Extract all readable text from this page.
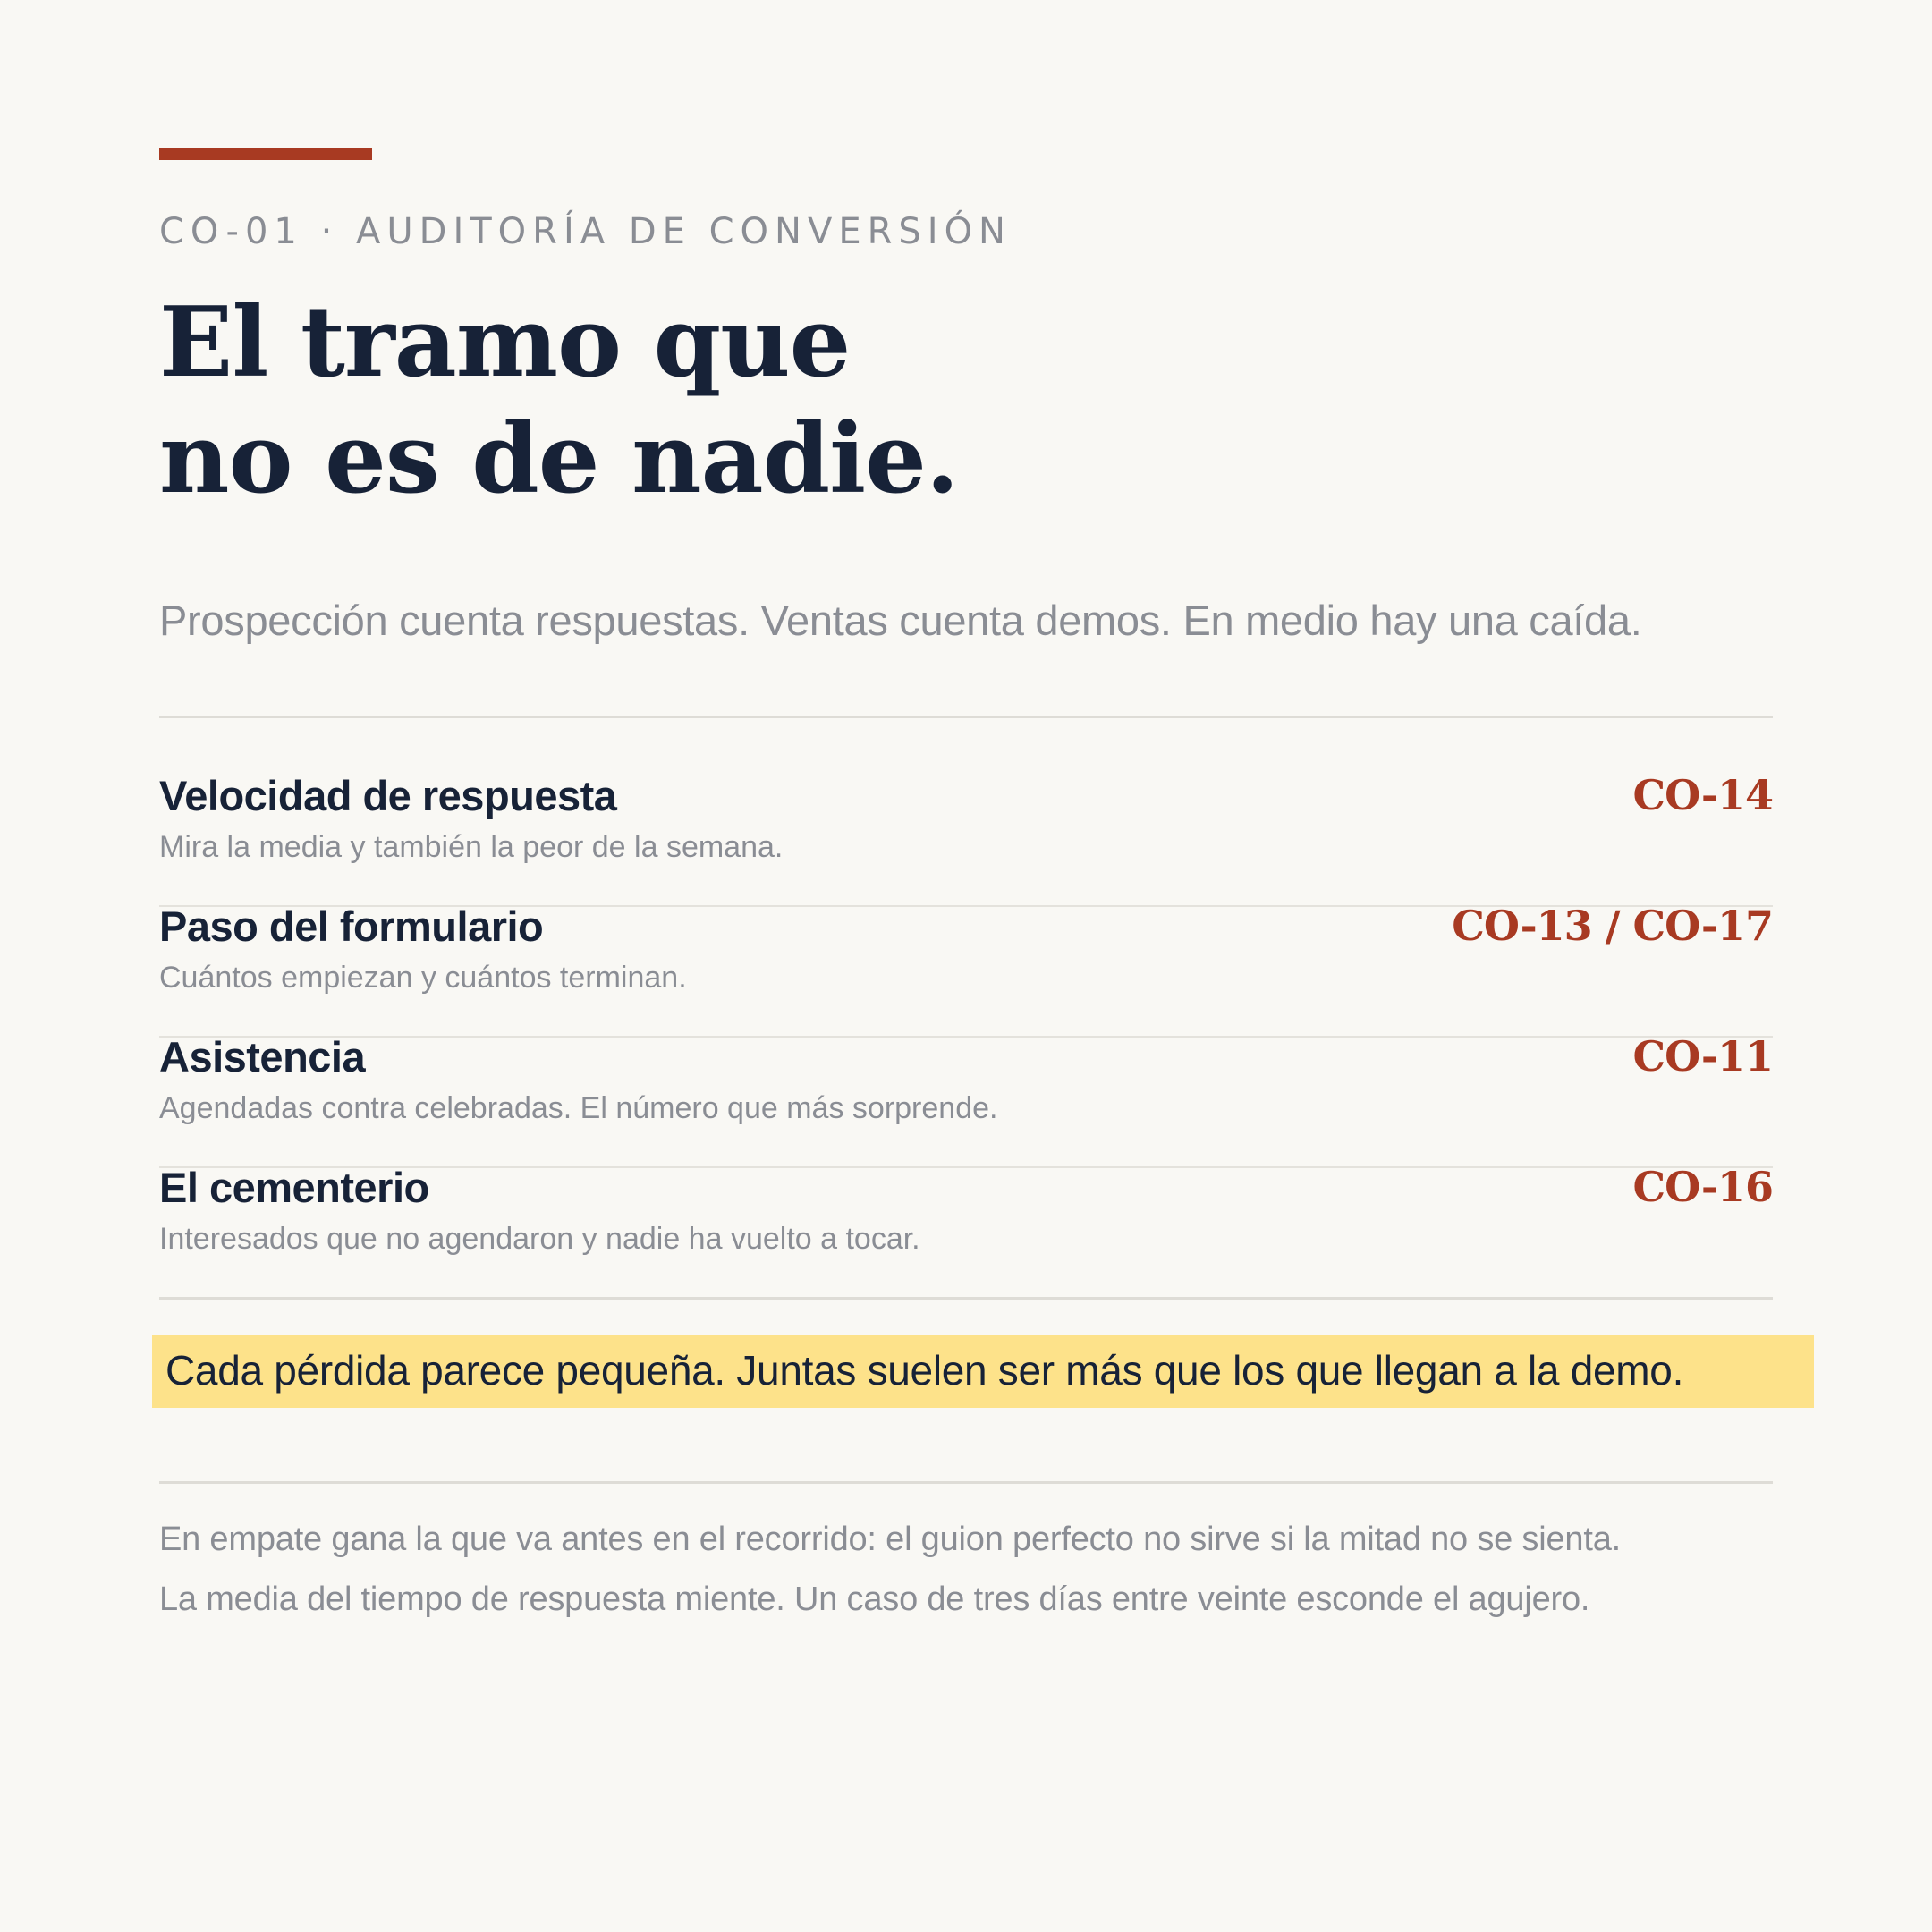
CO-01 · AUDITORÍA DE CONVERSIÓN
El tramo que
no es de nadie.
Prospección cuenta respuestas. Ventas cuenta demos. En medio hay una caída.
Velocidad de respuesta
Mira la media y también la peor de la semana.
CO-14
Paso del formulario
Cuántos empiezan y cuántos terminan.
CO-13 / CO-17
Asistencia
Agendadas contra celebradas. El número que más sorprende.
CO-11
El cementerio
Interesados que no agendaron y nadie ha vuelto a tocar.
CO-16
Cada pérdida parece pequeña. Juntas suelen ser más que los que llegan a la demo.
En empate gana la que va antes en el recorrido: el guion perfecto no sirve si la mitad no se sienta.
La media del tiempo de respuesta miente. Un caso de tres días entre veinte esconde el agujero.
